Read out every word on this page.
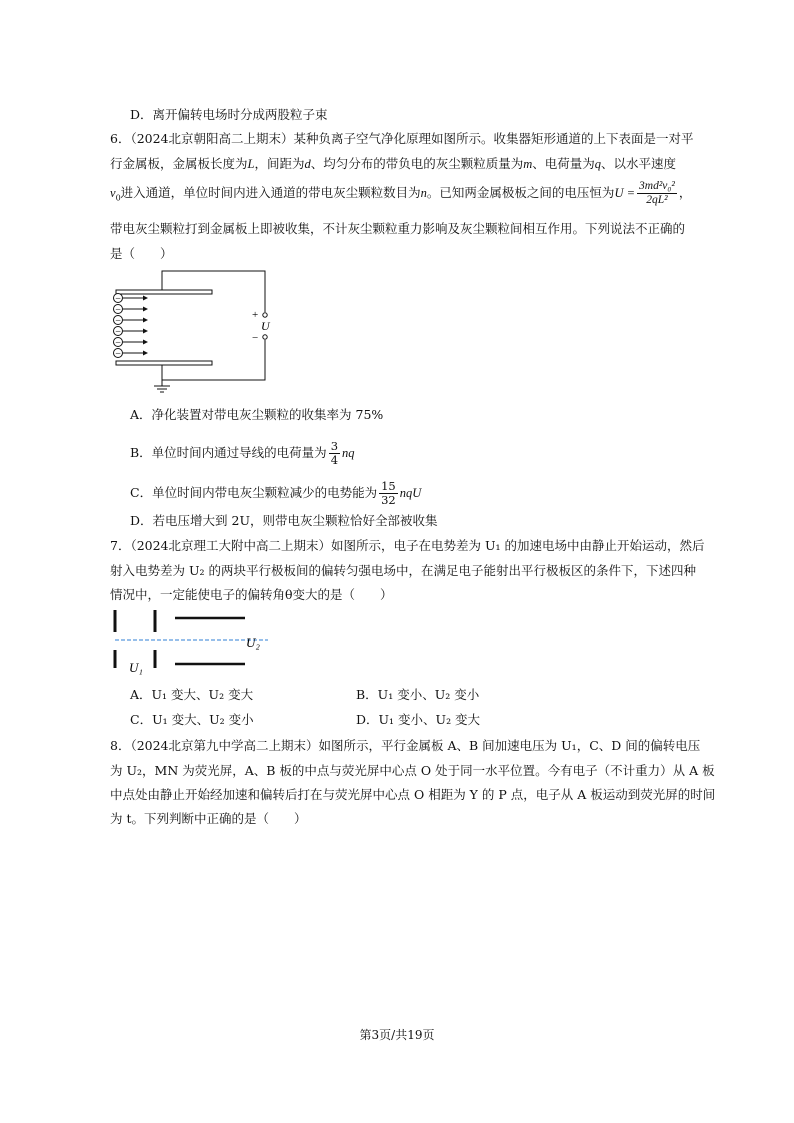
D．离开偏转电场时分成两股粒子束
6．（2024北京朝阳高二上期末）某种负离子空气净化原理如图所示。收集器矩形通道的上下表面是一对平
行金属板，金属板长度为L，间距为d、均匀分布的带负电的灰尘颗粒质量为m、电荷量为q、以水平速度
$v_0$进入通道，单位时间内进入通道的带电灰尘颗粒数目为n。已知两金属极板之间的电压恒为$U = \frac{\text{3md²v₀²}}{\text{2qL²}}$ ，
带电灰尘颗粒打到金属板上即被收集，不计灰尘颗粒重力影响及灰尘颗粒间相互作用。下列说法不正确的
是（　　）
+
−
U
−
−
−
−
−
−
A．净化装置对带电灰尘颗粒的收集率为 75%
B．单位时间内通过导线的电荷量为 $\frac{3}{4}$ nq
C．单位时间内带电灰尘颗粒减少的电势能为 $\frac{15}{32}$ nqU
D．若电压增大到 2U，则带电灰尘颗粒恰好全部被收集
7．（2024北京理工大附中高二上期末）如图所示，电子在电势差为 U₁ 的加速电场中由静止开始运动，然后
射入电势差为 U₂ 的两块平行极板间的偏转匀强电场中，在满足电子能射出平行极板区的条件下，下述四种
情况中，一定能使电子的偏转角θ变大的是（　　）
U₂
U₁
A．U₁ 变大、U₂ 变大	B．U₁ 变小、U₂ 变小
C．U₁ 变大、U₂ 变小	D．U₁ 变小、U₂ 变大
8．（2024北京第九中学高二上期末）如图所示，平行金属板 A、B 间加速电压为 U₁，C、D 间的偏转电压
为 U₂，MN 为荧光屏，A、B 板的中点与荧光屏中心点 O 处于同一水平位置。今有电子（不计重力）从 A 板
中点处由静止开始经加速和偏转后打在与荧光屏中心点 O 相距为 Y 的 P 点，电子从 A 板运动到荧光屏的时间
为 t。下列判断中正确的是（　　）
第3页/共19页
